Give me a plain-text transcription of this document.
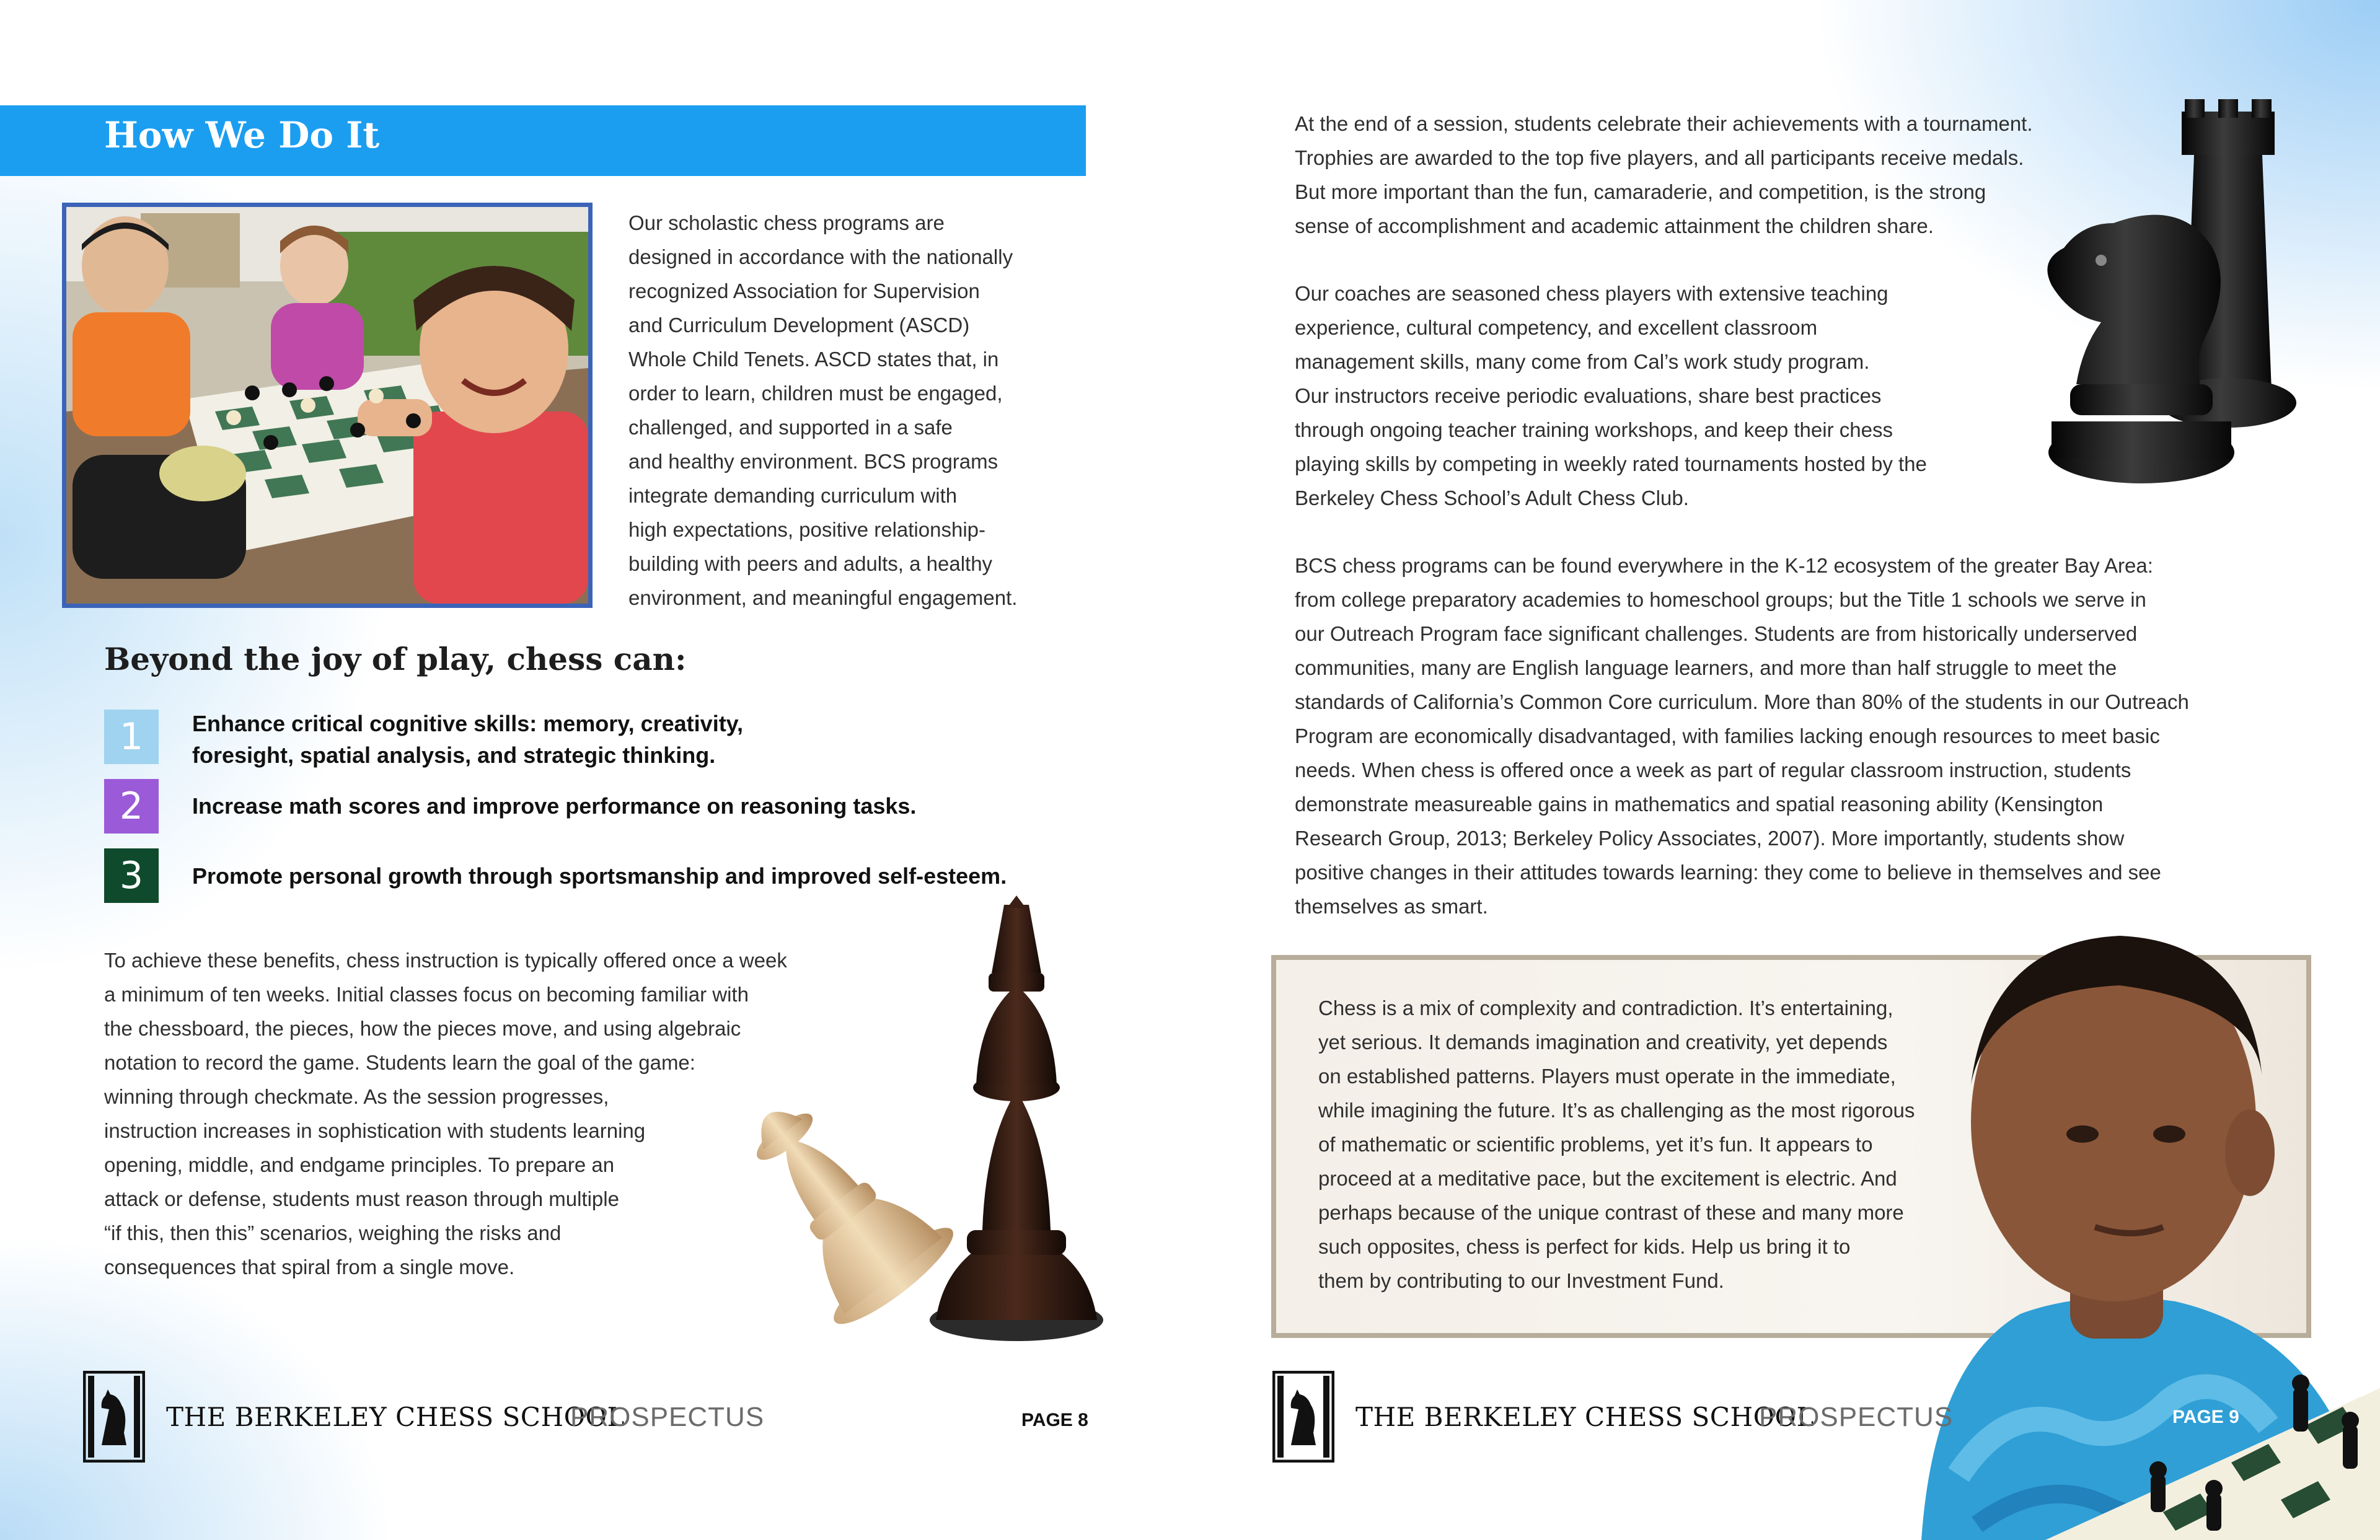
How We Do It
Our scholastic chess programs are
designed in accordance with the nationally
recognized Association for Supervision
and Curriculum Development (ASCD)
Whole Child Tenets. ASCD states that, in
order to learn, children must be engaged,
challenged, and supported in a safe
and healthy environment. BCS programs
integrate demanding curriculum with
high expectations, positive relationship-
building with peers and adults, a healthy
environment, and meaningful engagement.
Beyond the joy of play, chess can:
1	Enhance critical cognitive skills: memory, creativity,
foresight, spatial analysis, and strategic thinking.
2	Increase math scores and improve performance on reasoning tasks.
3	Promote personal growth through sportsmanship and improved self-esteem.
To achieve these benefits, chess instruction is typically offered once a week
a minimum of ten weeks. Initial classes focus on becoming familiar with
the chessboard, the pieces, how the pieces move, and using algebraic
notation to record the game. Students learn the goal of the game:
winning through checkmate. As the session progresses,
instruction increases in sophistication with students learning
opening, middle, and endgame principles. To prepare an
attack or defense, students must reason through multiple
“if this, then this” scenarios, weighing the risks and
consequences that spiral from a single move.
THE BERKELEY CHESS SCHOOL
PROSPECTUS	PAGE 8
At the end of a session, students celebrate their achievements with a tournament.
Trophies are awarded to the top five players, and all participants receive medals.
But more important than the fun, camaraderie, and competition, is the strong
sense of accomplishment and academic attainment the children share.
Our coaches are seasoned chess players with extensive teaching
experience, cultural competency, and excellent classroom
management skills, many come from Cal’s work study program.
Our instructors receive periodic evaluations, share best practices
through ongoing teacher training workshops, and keep their chess
playing skills by competing in weekly rated tournaments hosted by the
Berkeley Chess School’s Adult Chess Club.
BCS chess programs can be found everywhere in the K-12 ecosystem of the greater Bay Area:
from college preparatory academies to homeschool groups; but the Title 1 schools we serve in
our Outreach Program face significant challenges. Students are from historically underserved
communities, many are English language learners, and more than half struggle to meet the
standards of California’s Common Core curriculum. More than 80% of the students in our Outreach
Program are economically disadvantaged, with families lacking enough resources to meet basic
needs. When chess is offered once a week as part of regular classroom instruction, students
demonstrate measureable gains in mathematics and spatial reasoning ability (Kensington
Research Group, 2013; Berkeley Policy Associates, 2007). More importantly, students show
positive changes in their attitudes towards learning: they come to believe in themselves and see
themselves as smart.
Chess is a mix of complexity and contradiction. It’s entertaining,
yet serious. It demands imagination and creativity, yet depends
on established patterns. Players must operate in the immediate,
while imagining the future. It’s as challenging as the most rigorous
of mathematic or scientific problems, yet it’s fun. It appears to
proceed at a meditative pace, but the excitement is electric. And
perhaps because of the unique contrast of these and many more
such opposites, chess is perfect for kids. Help us bring it to
them by contributing to our Investment Fund.
THE BERKELEY CHESS SCHOOL
PROSPECTUS	PAGE 9
